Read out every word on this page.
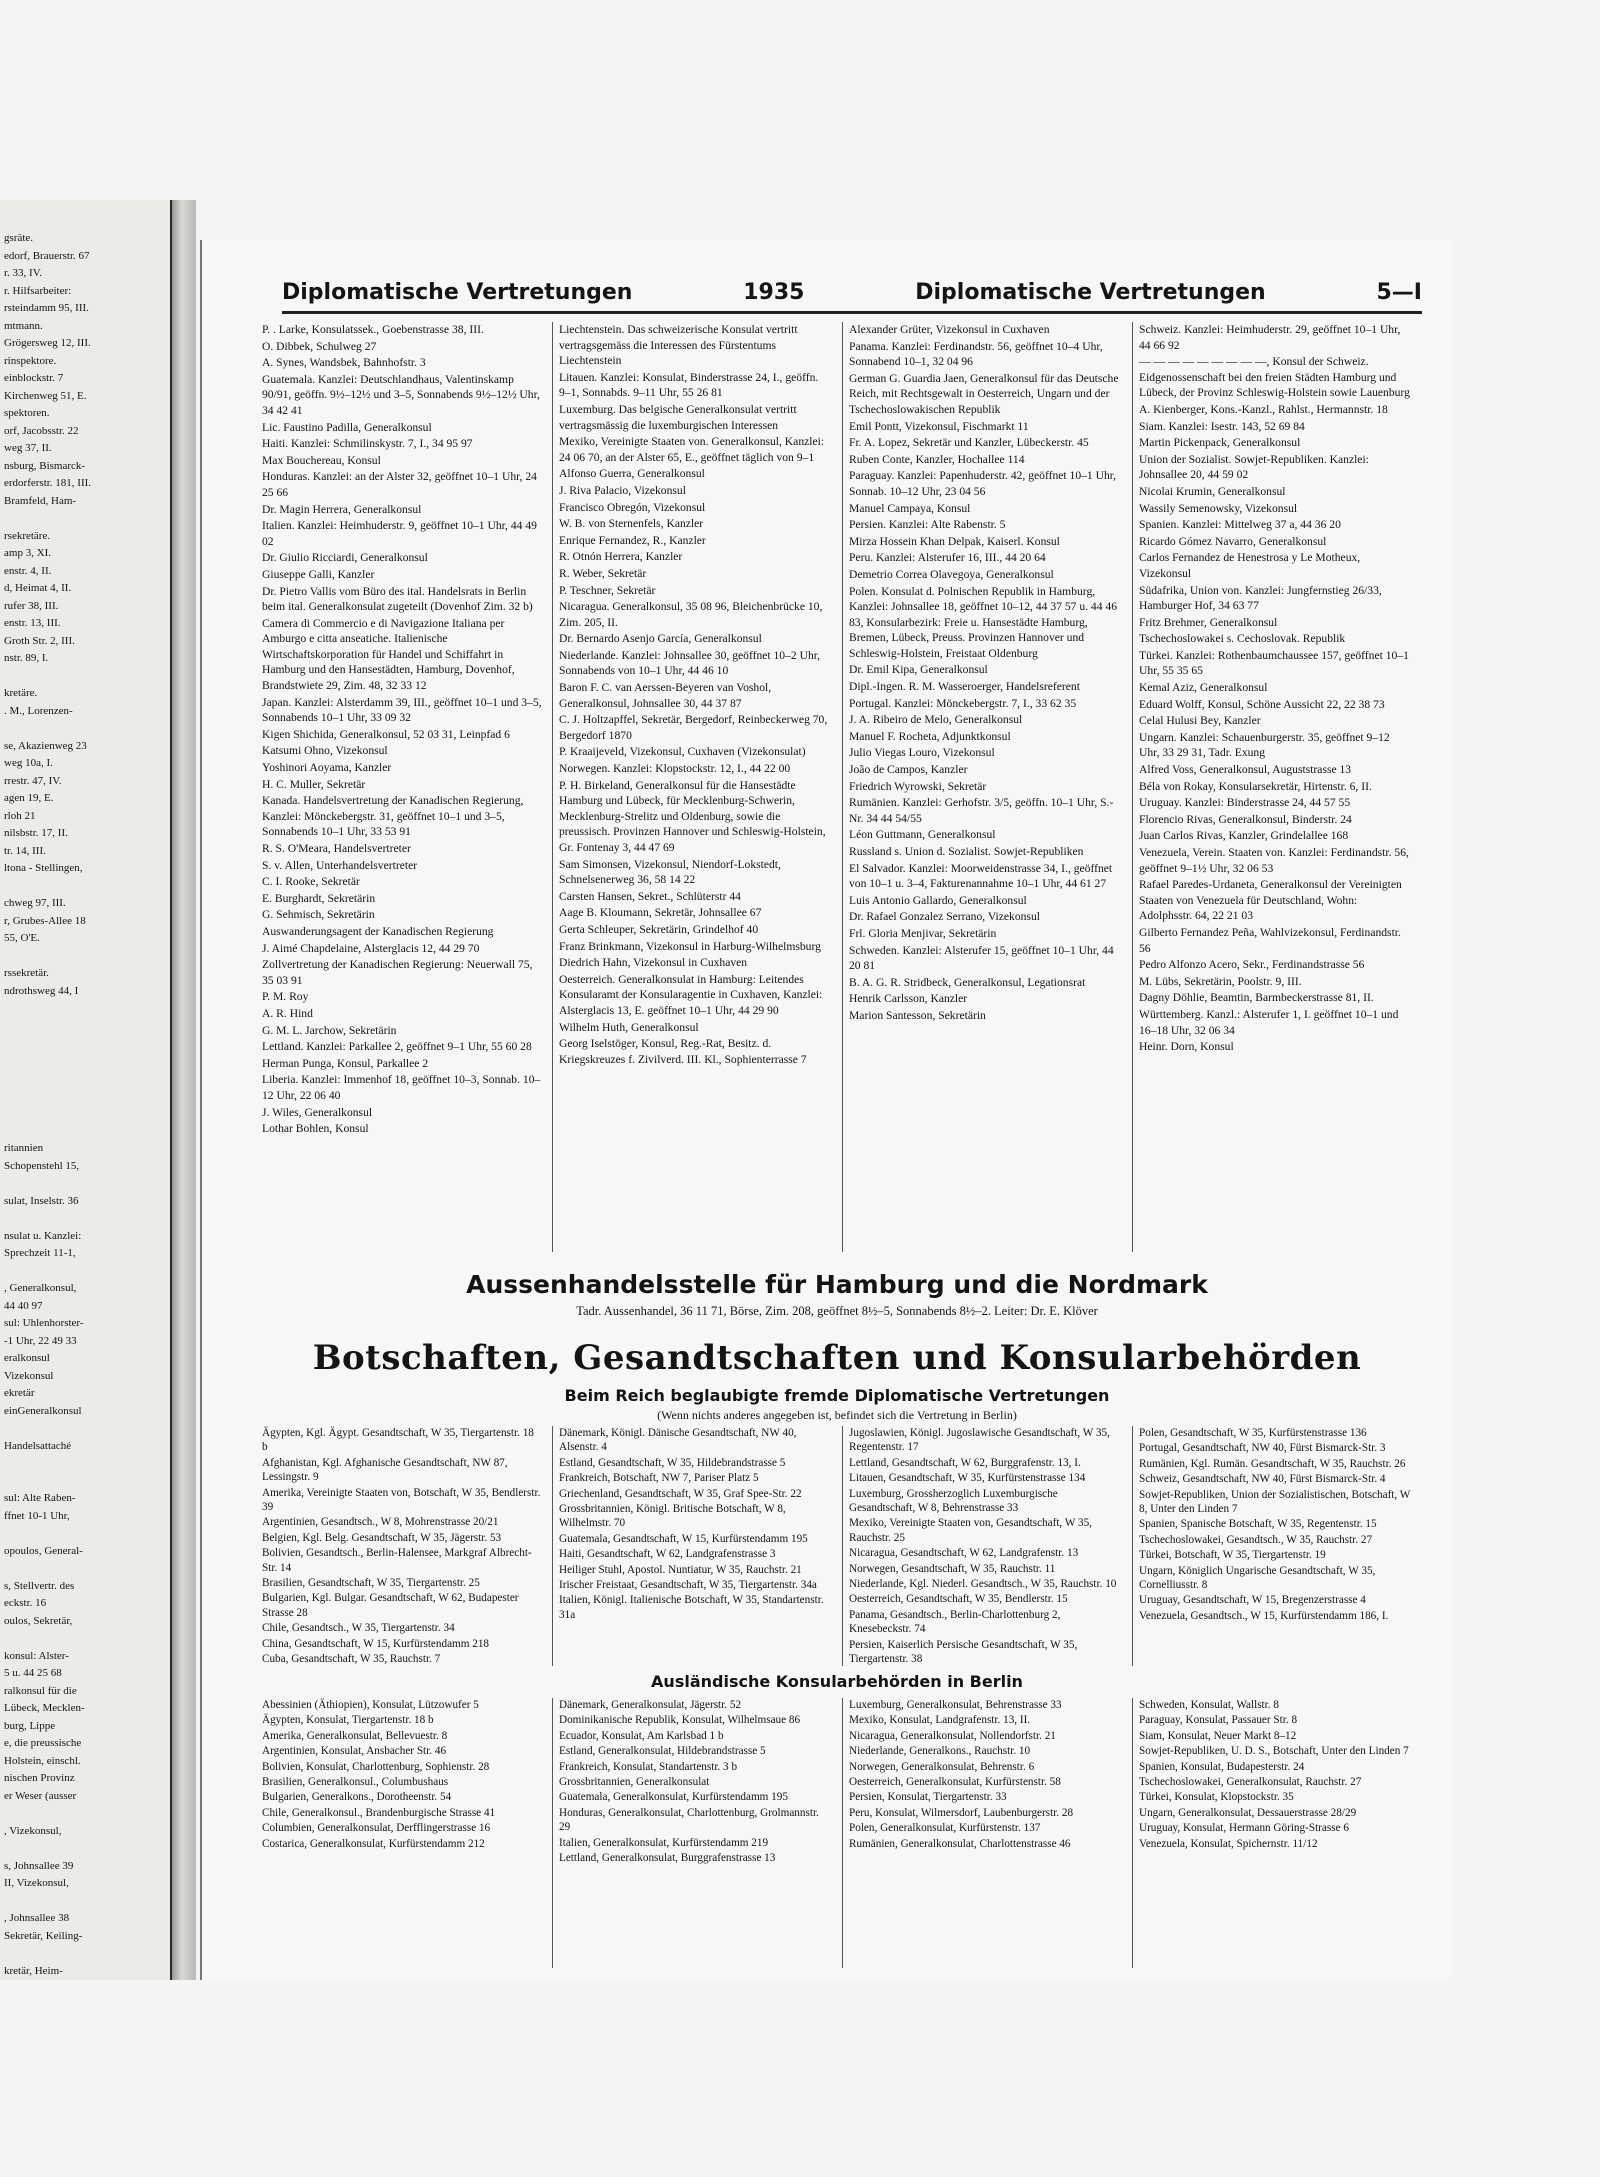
gsräte.
edorf, Brauerstr. 67
r. 33, IV.
r. Hilfsarbeiter:
rsteindamm 95, III.
mtmann.
Grögersweg 12, III.
rinspektore.
einblockstr. 7
Kirchenweg 51, E.
spektoren.
orf, Jacobsstr. 22
weg 37, II.
nsburg, Bismarck-
erdorferstr. 181, III.
Bramfeld, Ham-

rsekretäre.
amp 3, XI.
enstr. 4, II.
d, Heimat 4, II.
rufer 38, III.
enstr. 13, III.
Groth Str. 2, III.
nstr. 89, I.

kretäre.
. M., Lorenzen-

se, Akazienweg 23
weg 10a, I.
rrestr. 47, IV.
agen 19, E.
rloh 21
nilsbstr. 17, II.
tr. 14, III.
ltona - Stellingen,

chweg 97, III.
r, Grubes-Allee 18
55, O'E.

rssekretär.
ndrothsweg 44, I

ritannien
Schopenstehl 15,

sulat, Inselstr. 36

nsulat u. Kanzlei:
Sprechzeit 11-1,

, Generalkonsul,
44 40 97
sul: Uhlenhorster-
-1 Uhr, 22 49 33
eralkonsul
Vizekonsul
ekretär
einGeneralkonsul

Handelsattaché

sul: Alte Raben-
ffnet 10-1 Uhr,

opoulos, General-

s, Stellvertr. des
eckstr. 16
oulos, Sekretär,

konsul: Alster-
5 u. 44 25 68
ralkonsul für die
Lübeck, Mecklen-
burg, Lippe
e, die preussische
Holstein, einschl.
nischen Provinz
er Weser (ausser

, Vizekonsul,

s, Johnsallee 39
II, Vizekonsul,

, Johnsallee 38
Sekretär, Keiling-

kretär, Heim-

Diplomatische Vertretungen	1935	Diplomatische Vertretungen	5—I
P. . Larke, Konsulatssek., Goebenstrasse 38, III.
O. Dibbek, Schulweg 27
A. Synes, Wandsbek, Bahnhofstr. 3
Guatemala. Kanzlei: Deutschlandhaus, Valentinskamp 90/91, geöffn. 9½–12½ und 3–5, Sonnabends 9½–12½ Uhr, 34 42 41
Lic. Faustino Padilla, Generalkonsul
Haiti. Kanzlei: Schmilinskystr. 7, I., 34 95 97
Max Bouchereau, Konsul
Honduras. Kanzlei: an der Alster 32, geöffnet 10–1 Uhr, 24 25 66
Dr. Magin Herrera, Generalkonsul
Italien. Kanzlei: Heimhuderstr. 9, geöffnet 10–1 Uhr, 44 49 02
Dr. Giulio Ricciardi, Generalkonsul
Giuseppe Galli, Kanzler
Dr. Pietro Vallis vom Büro des ital. Handelsrats in Berlin beim ital. Generalkonsulat zugeteilt (Dovenhof Zim. 32 b)
Camera di Commercio e di Navigazione Italiana per Amburgo e citta anseatiche. Italienische Wirtschaftskorporation für Handel und Schiffahrt in Hamburg und den Hansestädten, Hamburg, Dovenhof, Brandstwiete 29, Zim. 48, 32 33 12
Japan. Kanzlei: Alsterdamm 39, III., geöffnet 10–1 und 3–5, Sonnabends 10–1 Uhr, 33 09 32
Kigen Shichida, Generalkonsul, 52 03 31, Leinpfad 6
Katsumi Ohno, Vizekonsul
Yoshinori Aoyama, Kanzler
H. C. Muller, Sekretär
Kanada. Handelsvertretung der Kanadischen Regierung, Kanzlei: Mönckebergstr. 31, geöffnet 10–1 und 3–5, Sonnabends 10–1 Uhr, 33 53 91
R. S. O'Meara, Handelsvertreter
S. v. Allen, Unterhandelsvertreter
C. I. Rooke, Sekretär
E. Burghardt, Sekretärin
G. Sehmisch, Sekretärin
Auswanderungsagent der Kanadischen Regierung
J. Aimé Chapdelaine, Alsterglacis 12, 44 29 70
Zollvertretung der Kanadischen Regierung: Neuerwall 75, 35 03 91
P. M. Roy
A. R. Hind
G. M. L. Jarchow, Sekretärin
Lettland. Kanzlei: Parkallee 2, geöffnet 9–1 Uhr, 55 60 28
Herman Punga, Konsul, Parkallee 2
Liberia. Kanzlei: Immenhof 18, geöffnet 10–3, Sonnab. 10–12 Uhr, 22 06 40
J. Wiles, Generalkonsul
Lothar Bohlen, Konsul
Liechtenstein. Das schweizerische Konsulat vertritt vertragsgemäss die Interessen des Fürstentums Liechtenstein
Litauen. Kanzlei: Konsulat, Binderstrasse 24, I., geöffn. 9–1, Sonnabds. 9–11 Uhr, 55 26 81
Luxemburg. Das belgische Generalkonsulat vertritt vertragsmässig die luxemburgischen Interessen
Mexiko, Vereinigte Staaten von. Generalkonsul, Kanzlei: 24 06 70, an der Alster 65, E., geöffnet täglich von 9–1
Alfonso Guerra, Generalkonsul
J. Riva Palacio, Vizekonsul
Francisco Obregón, Vizekonsul
W. B. von Sternenfels, Kanzler
Enrique Fernandez, R., Kanzler
R. Otnón Herrera, Kanzler
R. Weber, Sekretär
P. Teschner, Sekretär
Nicaragua. Generalkonsul, 35 08 96, Bleichenbrücke 10, Zim. 205, II.
Dr. Bernardo Asenjo García, Generalkonsul
Niederlande. Kanzlei: Johnsallee 30, geöffnet 10–2 Uhr, Sonnabends von 10–1 Uhr, 44 46 10
Baron F. C. van Aerssen-Beyeren van Voshol, Generalkonsul, Johnsallee 30, 44 37 87
C. J. Holtzapffel, Sekretär, Bergedorf, Reinbeckerweg 70, Bergedorf 1870
P. Kraaijeveld, Vizekonsul, Cuxhaven (Vizekonsulat)
Norwegen. Kanzlei: Klopstockstr. 12, I., 44 22 00
P. H. Birkeland, Generalkonsul für die Hansestädte Hamburg und Lübeck, für Mecklenburg-Schwerin, Mecklenburg-Strelitz und Oldenburg, sowie die preussisch. Provinzen Hannover und Schleswig-Holstein, Gr. Fontenay 3, 44 47 69
Sam Simonsen, Vizekonsul, Niendorf-Lokstedt, Schnelsenerweg 36, 58 14 22
Carsten Hansen, Sekret., Schlüterstr 44
Aage B. Kloumann, Sekretär, Johnsallee 67
Gerta Schleuper, Sekretärin, Grindelhof 40
Franz Brinkmann, Vizekonsul in Harburg-Wilhelmsburg
Diedrich Hahn, Vizekonsul in Cuxhaven
Oesterreich. Generalkonsulat in Hamburg: Leitendes Konsularamt der Konsularagentie in Cuxhaven, Kanzlei: Alsterglacis 13, E. geöffnet 10–1 Uhr, 44 29 90
Wilhelm Huth, Generalkonsul
Georg Iselstöger, Konsul, Reg.-Rat, Besitz. d. Kriegskreuzes f. Zivilverd. III. Kl., Sophienterrasse 7
Alexander Grüter, Vizekonsul in Cuxhaven
Panama. Kanzlei: Ferdinandstr. 56, geöffnet 10–4 Uhr, Sonnabend 10–1, 32 04 96
German G. Guardia Jaen, Generalkonsul für das Deutsche Reich, mit Rechtsgewalt in Oesterreich, Ungarn und der Tschechoslowakischen Republik
Emil Pontt, Vizekonsul, Fischmarkt 11
Fr. A. Lopez, Sekretär und Kanzler, Lübeckerstr. 45
Ruben Conte, Kanzler, Hochallee 114
Paraguay. Kanzlei: Papenhuderstr. 42, geöffnet 10–1 Uhr, Sonnab. 10–12 Uhr, 23 04 56
Manuel Campaya, Konsul
Persien. Kanzlei: Alte Rabenstr. 5
Mirza Hossein Khan Delpak, Kaiserl. Konsul
Peru. Kanzlei: Alsterufer 16, III., 44 20 64
Demetrio Correa Olavegoya, Generalkonsul
Polen. Konsulat d. Polnischen Republik in Hamburg, Kanzlei: Johnsallee 18, geöffnet 10–12, 44 37 57 u. 44 46 83, Konsularbezirk: Freie u. Hansestädte Hamburg, Bremen, Lübeck, Preuss. Provinzen Hannover und Schleswig-Holstein, Freistaat Oldenburg
Dr. Emil Kipa, Generalkonsul
Dipl.-Ingen. R. M. Wasseroerger, Handelsreferent
Portugal. Kanzlei: Mönckebergstr. 7, I., 33 62 35
J. A. Ribeiro de Melo, Generalkonsul
Manuel F. Rocheta, Adjunktkonsul
Julio Viegas Louro, Vizekonsul
João de Campos, Kanzler
Friedrich Wyrowski, Sekretär
Rumänien. Kanzlei: Gerhofstr. 3/5, geöffn. 10–1 Uhr, S.-Nr. 34 44 54/55
Léon Guttmann, Generalkonsul
Russland s. Union d. Sozialist. Sowjet-Republiken
El Salvador. Kanzlei: Moorweidenstrasse 34, I., geöffnet von 10–1 u. 3–4, Fakturenannahme 10–1 Uhr, 44 61 27
Luis Antonio Gallardo, Generalkonsul
Dr. Rafael Gonzalez Serrano, Vizekonsul
Frl. Gloria Menjivar, Sekretärin
Schweden. Kanzlei: Alsterufer 15, geöffnet 10–1 Uhr, 44 20 81
B. A. G. R. Stridbeck, Generalkonsul, Legationsrat
Henrik Carlsson, Kanzler
Marion Santesson, Sekretärin
Schweiz. Kanzlei: Heimhuderstr. 29, geöffnet 10–1 Uhr, 44 66 92
— — — — — — — — —, Konsul der Schweiz. Eidgenossenschaft bei den freien Städten Hamburg und Lübeck, der Provinz Schleswig-Holstein sowie Lauenburg
A. Kienberger, Kons.-Kanzl., Rahlst., Hermannstr. 18
Siam. Kanzlei: Isestr. 143, 52 69 84
Martin Pickenpack, Generalkonsul
Union der Sozialist. Sowjet-Republiken. Kanzlei: Johnsallee 20, 44 59 02
Nicolai Krumin, Generalkonsul
Wassily Semenowsky, Vizekonsul
Spanien. Kanzlei: Mittelweg 37 a, 44 36 20
Ricardo Gómez Navarro, Generalkonsul
Carlos Fernandez de Henestrosa y Le Motheux, Vizekonsul
Südafrika, Union von. Kanzlei: Jungfernstieg 26/33, Hamburger Hof, 34 63 77
Fritz Brehmer, Generalkonsul
Tschechoslowakei s. Cechoslovak. Republik
Türkei. Kanzlei: Rothenbaumchaussee 157, geöffnet 10–1 Uhr, 55 35 65
Kemal Aziz, Generalkonsul
Eduard Wolff, Konsul, Schöne Aussicht 22, 22 38 73
Celal Hulusi Bey, Kanzler
Ungarn. Kanzlei: Schauenburgerstr. 35, geöffnet 9–12 Uhr, 33 29 31, Tadr. Exung
Alfred Voss, Generalkonsul, Auguststrasse 13
Béla von Rokay, Konsularsekretär, Hirtenstr. 6, II.
Uruguay. Kanzlei: Binderstrasse 24, 44 57 55
Florencio Rivas, Generalkonsul, Binderstr. 24
Juan Carlos Rivas, Kanzler, Grindelallee 168
Venezuela, Verein. Staaten von. Kanzlei: Ferdinandstr. 56, geöffnet 9–1½ Uhr, 32 06 53
Rafael Paredes-Urdaneta, Generalkonsul der Vereinigten Staaten von Venezuela für Deutschland, Wohn: Adolphsstr. 64, 22 21 03
Gilberto Fernandez Peña, Wahlvizekonsul, Ferdinandstr. 56
Pedro Alfonzo Acero, Sekr., Ferdinandstrasse 56
M. Lübs, Sekretärin, Poolstr. 9, III.
Dagny Döhlie, Beamtin, Barmbeckerstrasse 81, II.
Württemberg. Kanzl.: Alsterufer 1, I. geöffnet 10–1 und 16–18 Uhr, 32 06 34
Heinr. Dorn, Konsul
Aussenhandelsstelle für Hamburg und die Nordmark
Tadr. Aussenhandel, 36 11 71, Börse, Zim. 208, geöffnet 8½–5, Sonnabends 8½–2. Leiter: Dr. E. Klöver
Botschaften, Gesandtschaften und Konsularbehörden
Beim Reich beglaubigte fremde Diplomatische Vertretungen
(Wenn nichts anderes angegeben ist, befindet sich die Vertretung in Berlin)
Ägypten, Kgl. Ägypt. Gesandtschaft, W 35, Tiergartenstr. 18 b
Afghanistan, Kgl. Afghanische Gesandtschaft, NW 87, Lessingstr. 9
Amerika, Vereinigte Staaten von, Botschaft, W 35, Bendlerstr. 39
Argentinien, Gesandtsch., W 8, Mohrenstrasse 20/21
Belgien, Kgl. Belg. Gesandtschaft, W 35, Jägerstr. 53
Bolivien, Gesandtsch., Berlin-Halensee, Markgraf Albrecht-Str. 14
Brasilien, Gesandtschaft, W 35, Tiergartenstr. 25
Bulgarien, Kgl. Bulgar. Gesandtschaft, W 62, Budapester Strasse 28
Chile, Gesandtsch., W 35, Tiergartenstr. 34
China, Gesandtschaft, W 15, Kurfürstendamm 218
Cuba, Gesandtschaft, W 35, Rauchstr. 7
Dänemark, Königl. Dänische Gesandtschaft, NW 40, Alsenstr. 4
Estland, Gesandtschaft, W 35, Hildebrandstrasse 5
Frankreich, Botschaft, NW 7, Pariser Platz 5
Griechenland, Gesandtschaft, W 35, Graf Spee-Str. 22
Grossbritannien, Königl. Britische Botschaft, W 8, Wilhelmstr. 70
Guatemala, Gesandtschaft, W 15, Kurfürstendamm 195
Haiti, Gesandtschaft, W 62, Landgrafenstrasse 3
Heiliger Stuhl, Apostol. Nuntiatur, W 35, Rauchstr. 21
Irischer Freistaat, Gesandtschaft, W 35, Tiergartenstr. 34a
Italien, Königl. Italienische Botschaft, W 35, Standartenstr. 31a
Jugoslawien, Königl. Jugoslawische Gesandtschaft, W 35, Regentenstr. 17
Lettland, Gesandtschaft, W 62, Burggrafenstr. 13, I.
Litauen, Gesandtschaft, W 35, Kurfürstenstrasse 134
Luxemburg, Grossherzoglich Luxemburgische Gesandtschaft, W 8, Behrenstrasse 33
Mexiko, Vereinigte Staaten von, Gesandtschaft, W 35, Rauchstr. 25
Nicaragua, Gesandtschaft, W 62, Landgrafenstr. 13
Norwegen, Gesandtschaft, W 35, Rauchstr. 11
Niederlande, Kgl. Niederl. Gesandtsch., W 35, Rauchstr. 10
Oesterreich, Gesandtschaft, W 35, Bendlerstr. 15
Panama, Gesandtsch., Berlin-Charlottenburg 2, Knesebeckstr. 74
Persien, Kaiserlich Persische Gesandtschaft, W 35, Tiergartenstr. 38
Polen, Gesandtschaft, W 35, Kurfürstenstrasse 136
Portugal, Gesandtschaft, NW 40, Fürst Bismarck-Str. 3
Rumänien, Kgl. Rumän. Gesandtschaft, W 35, Rauchstr. 26
Schweiz, Gesandtschaft, NW 40, Fürst Bismarck-Str. 4
Sowjet-Republiken, Union der Sozialistischen, Botschaft, W 8, Unter den Linden 7
Spanien, Spanische Botschaft, W 35, Regentenstr. 15
Tschechoslowakei, Gesandtsch., W 35, Rauchstr. 27
Türkei, Botschaft, W 35, Tiergartenstr. 19
Ungarn, Königlich Ungarische Gesandtschaft, W 35, Cornelliusstr. 8
Uruguay, Gesandtschaft, W 15, Bregenzerstrasse 4
Venezuela, Gesandtsch., W 15, Kurfürstendamm 186, I.
Ausländische Konsularbehörden in Berlin
Abessinien (Äthiopien), Konsulat, Lützowufer 5
Ägypten, Konsulat, Tiergartenstr. 18 b
Amerika, Generalkonsulat, Bellevuestr. 8
Argentinien, Konsulat, Ansbacher Str. 46
Bolivien, Konsulat, Charlottenburg, Sophienstr. 28
Brasilien, Generalkonsul., Columbushaus
Bulgarien, Generalkons., Dorotheenstr. 54
Chile, Generalkonsul., Brandenburgische Strasse 41
Columbien, Generalkonsulat, Derfflingerstrasse 16
Costarica, Generalkonsulat, Kurfürstendamm 212
Dänemark, Generalkonsulat, Jägerstr. 52
Dominikanische Republik, Konsulat, Wilhelmsaue 86
Ecuador, Konsulat, Am Karlsbad 1 b
Estland, Generalkonsulat, Hildebrandstrasse 5
Frankreich, Konsulat, Standartenstr. 3 b
Grossbritannien, Generalkonsulat
Guatemala, Generalkonsulat, Kurfürstendamm 195
Honduras, Generalkonsulat, Charlottenburg, Grolmannstr. 29
Italien, Generalkonsulat, Kurfürstendamm 219
Lettland, Generalkonsulat, Burggrafenstrasse 13
Luxemburg, Generalkonsulat, Behrenstrasse 33
Mexiko, Konsulat, Landgrafenstr. 13, II.
Nicaragua, Generalkonsulat, Nollendorfstr. 21
Niederlande, Generalkons., Rauchstr. 10
Norwegen, Generalkonsulat, Behrenstr. 6
Oesterreich, Generalkonsulat, Kurfürstenstr. 58
Persien, Konsulat, Tiergartenstr. 33
Peru, Konsulat, Wilmersdorf, Laubenburgerstr. 28
Polen, Generalkonsulat, Kurfürstenstr. 137
Rumänien, Generalkonsulat, Charlottenstrasse 46
Schweden, Konsulat, Wallstr. 8
Paraguay, Konsulat, Passauer Str. 8
Siam, Konsulat, Neuer Markt 8–12
Sowjet-Republiken, U. D. S., Botschaft, Unter den Linden 7
Spanien, Konsulat, Budapesterstr. 24
Tschechoslowakei, Generalkonsulat, Rauchstr. 27
Türkei, Konsulat, Klopstockstr. 35
Ungarn, Generalkonsulat, Dessauerstrasse 28/29
Uruguay, Konsulat, Hermann Göring-Strasse 6
Venezuela, Konsulat, Spichernstr. 11/12
